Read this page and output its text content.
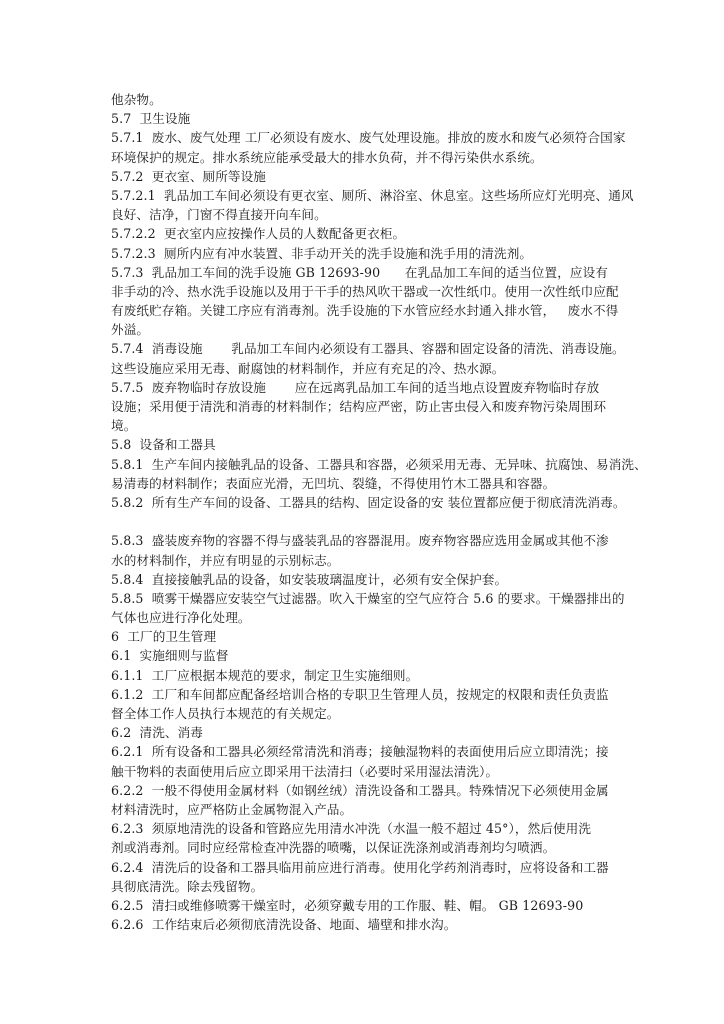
他杂物。
5.7  卫生设施
5.7.1  废水、废气处理 工厂必须设有废水、废气处理设施。排放的废水和废气必须符合国家
环境保护的规定。排水系统应能承受最大的排水负荷，并不得污染供水系统。
5.7.2  更衣室、厕所等设施
5.7.2.1  乳品加工车间必须设有更衣室、厕所、淋浴室、休息室。这些场所应灯光明亮、通风
良好、洁净，门窗不得直接开向车间。
5.7.2.2  更衣室内应按操作人员的人数配备更衣柜。
5.7.2.3  厕所内应有冲水装置、非手动开关的洗手设施和洗手用的清洗剂。
5.7.3  乳品加工车间的洗手设施 GB 12693-90      在乳品加工车间的适当位置，应设有
非手动的冷、热水洗手设施以及用于干手的热风吹干器或一次性纸巾。使用一次性纸巾应配
有废纸贮存箱。关键工序应有消毒剂。洗手设施的下水管应经水封通入排水管，   废水不得
外溢。
5.7.4  消毒设施       乳品加工车间内必须设有工器具、容器和固定设备的清洗、消毒设施。
这些设施应采用无毒、耐腐蚀的材料制作，并应有充足的冷、热水源。
5.7.5  废弃物临时存放设施       应在远离乳品加工车间的适当地点设置废弃物临时存放
设施；采用便于清洗和消毒的材料制作；结构应严密，防止害虫侵入和废弃物污染周围环
境。
5.8  设备和工器具
5.8.1  生产车间内接触乳品的设备、工器具和容器，必须采用无毒、无异味、抗腐蚀、易消洗、
易清毒的材料制作；表面应光滑，无凹坑、裂缝，不得使用竹木工器具和容器。
5.8.2  所有生产车间的设备、工器具的结构、固定设备的安 装位置都应便于彻底清洗消毒。
5.8.3  盛装废弃物的容器不得与盛装乳品的容器混用。废弃物容器应选用金属或其他不渗
水的材料制作，并应有明显的示别标志。
5.8.4  直接接触乳品的设备，如安装玻璃温度计，必须有安全保护套。
5.8.5  喷雾干燥器应安装空气过滤器。吹入干燥室的空气应符合 5.6 的要求。干燥器排出的
气体也应进行净化处理。
6  工厂的卫生管理
6.1  实施细则与监督
6.1.1  工厂应根据本规范的要求，制定卫生实施细则。
6.1.2  工厂和车间都应配备经培训合格的专职卫生管理人员，按规定的权限和责任负责监
督全体工作人员执行本规范的有关规定。
6.2  清洗、消毒
6.2.1  所有设备和工器具必须经常清洗和消毒；接触湿物料的表面使用后应立即清洗；接
触干物料的表面使用后应立即采用干法清扫（必要时采用湿法清洗）。
6.2.2  一般不得使用金属材料（如钢丝绒）清洗设备和工器具。特殊情况下必须使用金属
材料清洗时，应严格防止金属物混入产品。
6.2.3  须原地清洗的设备和管路应先用清水冲洗（水温一般不超过 45°），然后使用洗
剂或消毒剂。同时应经常检查冲洗器的喷嘴，以保证洗涤剂或消毒剂均匀喷洒。
6.2.4  清洗后的设备和工器具临用前应进行消毒。使用化学药剂消毒时，应将设备和工器
具彻底清洗。除去残留物。
6.2.5  清扫或维修喷雾干燥室时，必须穿戴专用的工作服、鞋、帽。 GB 12693-90
6.2.6  工作结束后必须彻底清洗设备、地面、墙壁和排水沟。
